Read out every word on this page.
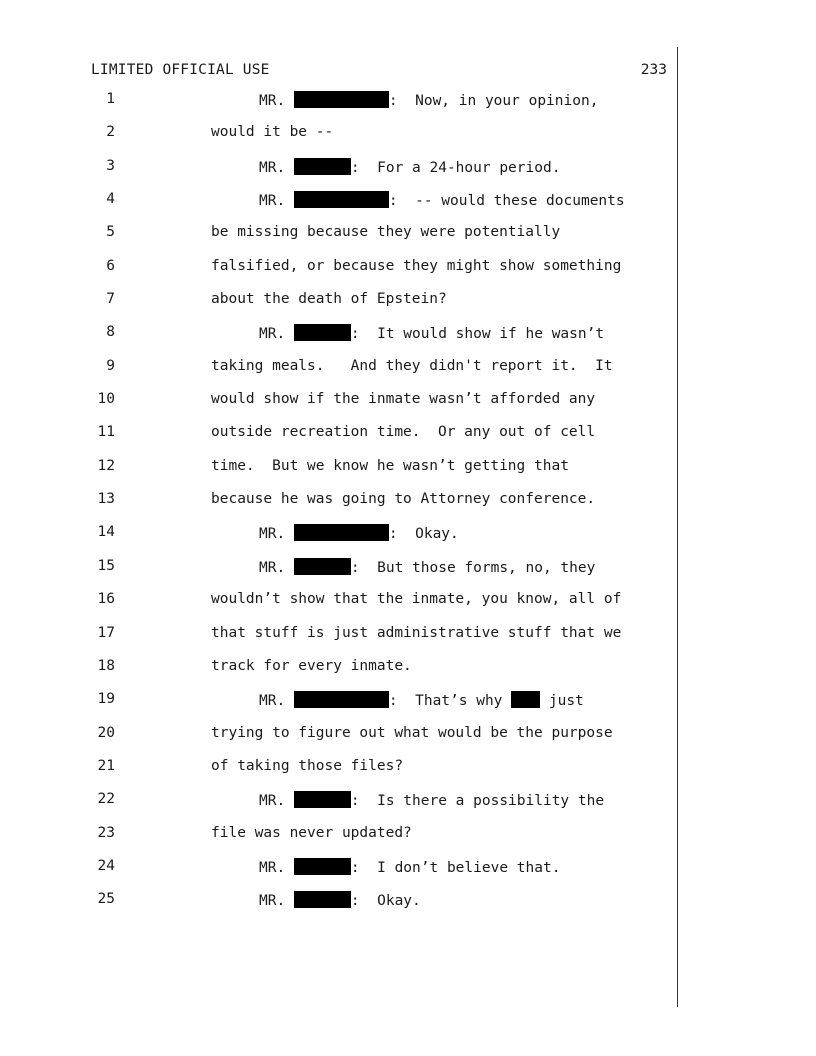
LIMITED OFFICIAL USE	233
1	MR.	:  Now, in your opinion,
2	would it be --
3	MR.	:  For a 24-hour period.
4	MR.	:  -- would these documents
5	be missing because they were potentially
6	falsified, or because they might show something
7	about the death of Epstein?
8	MR.	:  It would show if he wasn’t
9	taking meals.   And they didn't report it.  It
10	would show if the inmate wasn’t afforded any
11	outside recreation time.  Or any out of cell
12	time.  But we know he wasn’t getting that
13	because he was going to Attorney conference.
14	MR.	:  Okay.
15	MR.	:  But those forms, no, they
16	wouldn’t show that the inmate, you know, all of
17	that stuff is just administrative stuff that we
18	track for every inmate.
19	MR.	:  That’s why  just
20	trying to figure out what would be the purpose
21	of taking those files?
22	MR.	:  Is there a possibility the
23	file was never updated?
24	MR.	:  I don’t believe that.
25	MR.	:  Okay.
